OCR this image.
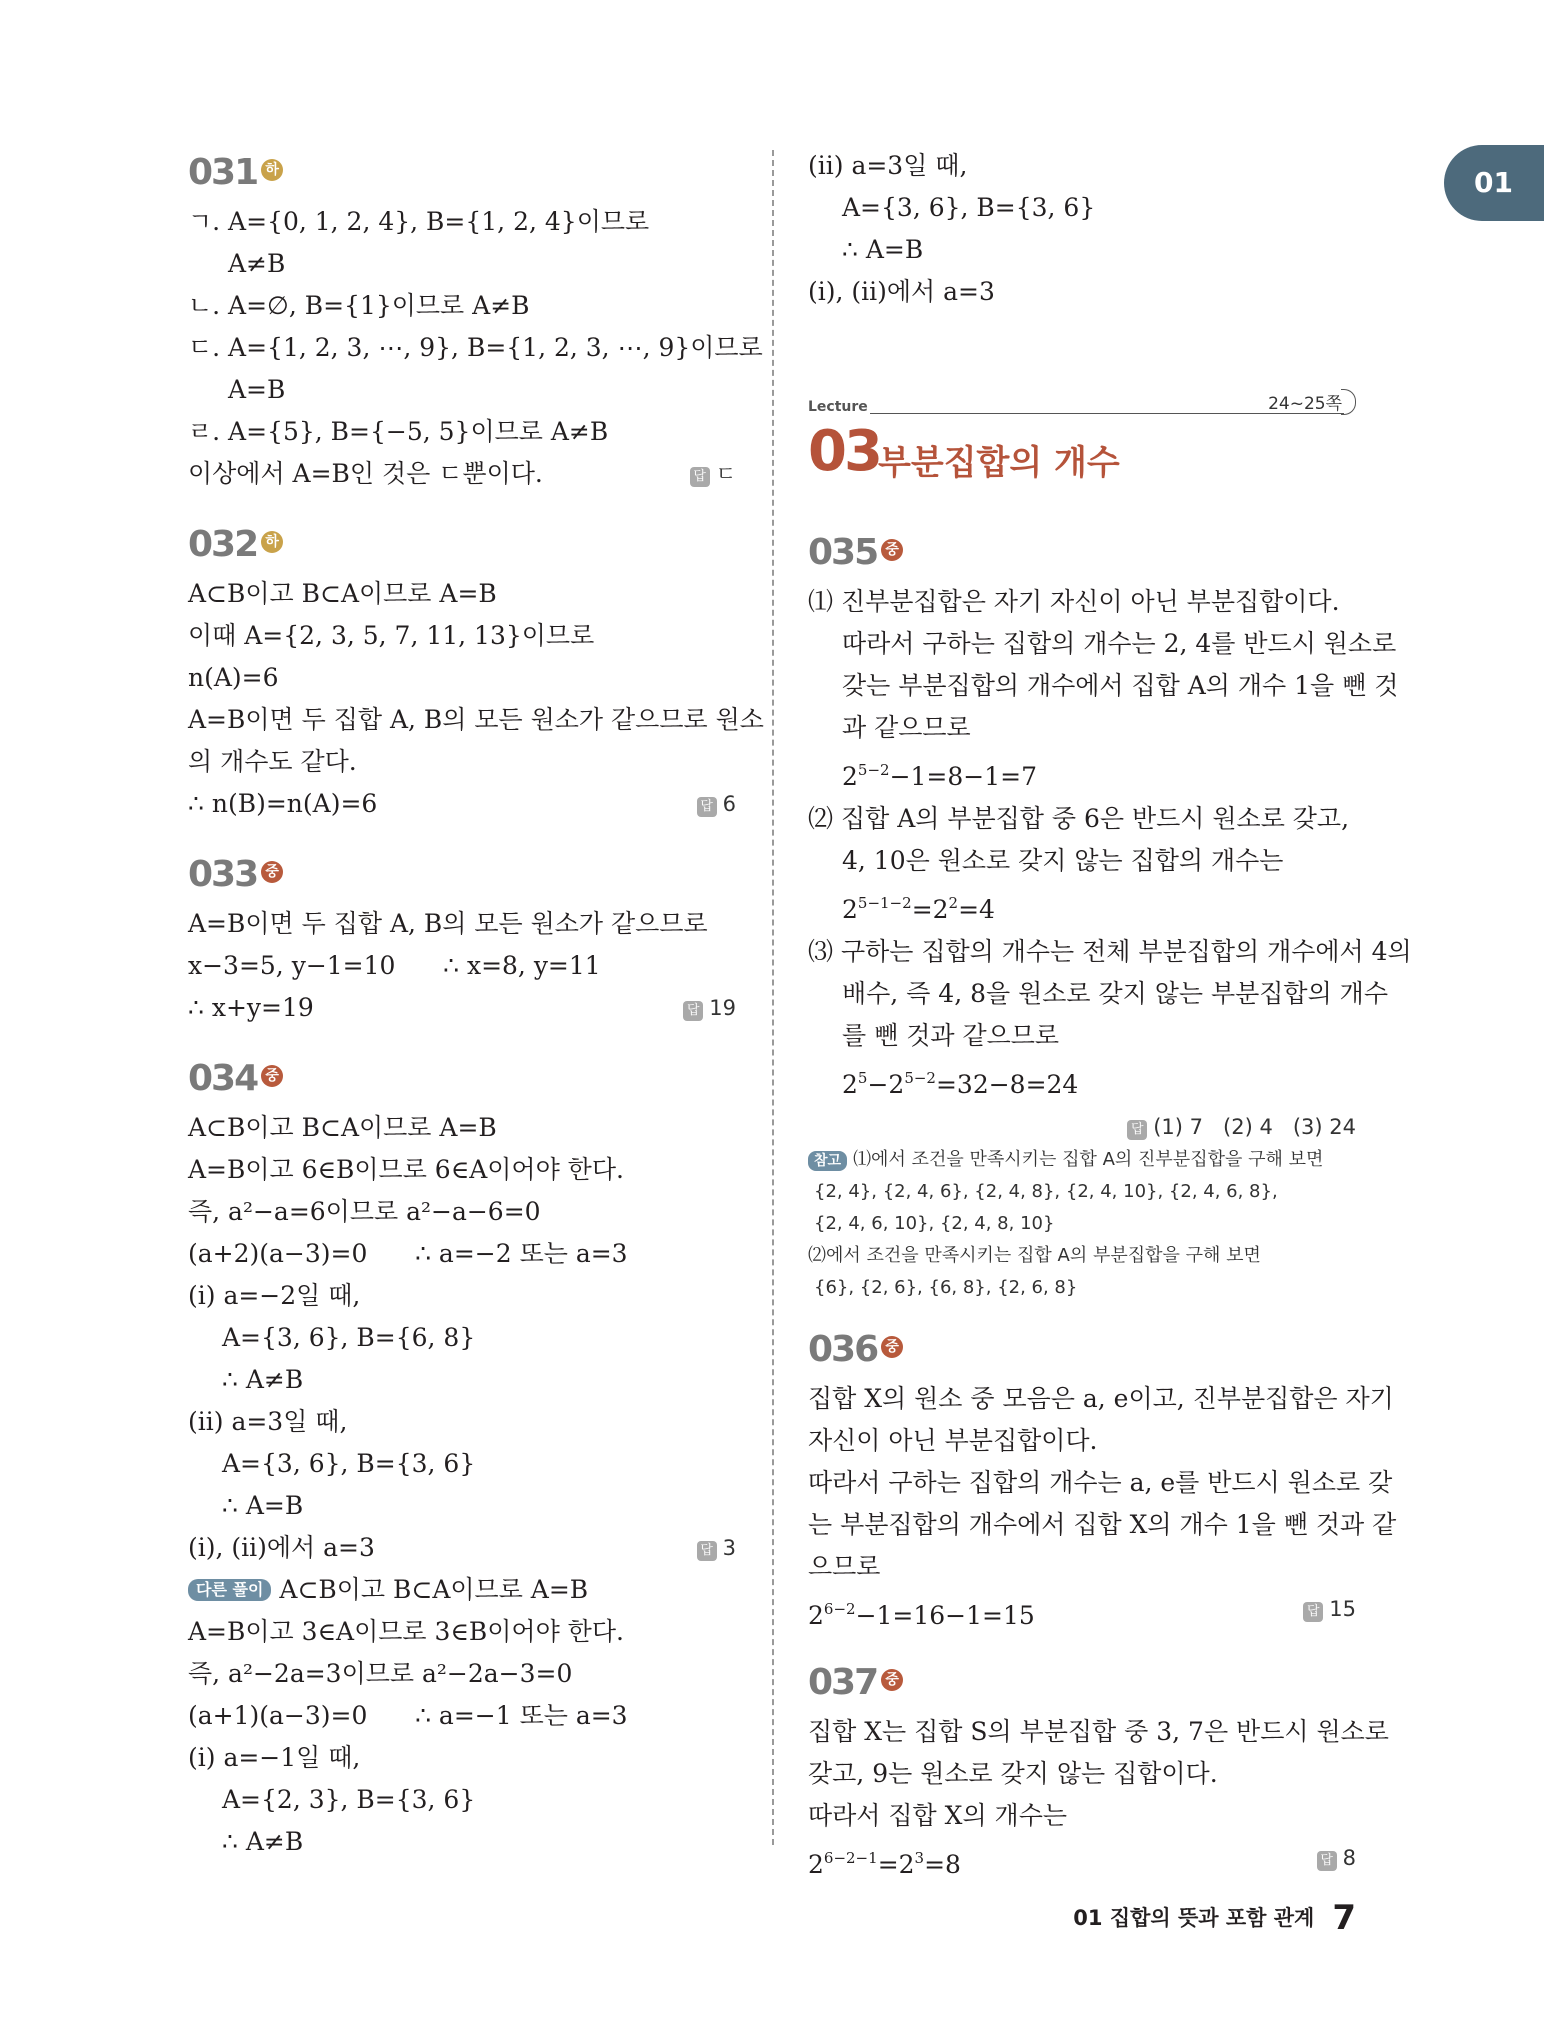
01
031 하
ㄱ. A={0, 1, 2, 4}, B={1, 2, 4}이므로
A≠B
ㄴ. A=∅, B={1}이므로 A≠B
ㄷ. A={1, 2, 3, ⋯, 9}, B={1, 2, 3, ⋯, 9}이므로
A=B
ㄹ. A={5}, B={−5, 5}이므로 A≠B
이상에서 A=B인 것은 ㄷ뿐이다.	답 ㄷ
032 하
A⊂B이고 B⊂A이므로 A=B
이때 A={2, 3, 5, 7, 11, 13}이므로
n(A)=6
A=B이면 두 집합 A, B의 모든 원소가 같으므로 원소
의 개수도 같다.
∴ n(B)=n(A)=6	답 6
033 중
A=B이면 두 집합 A, B의 모든 원소가 같으므로
x−3=5, y−1=10      ∴ x=8, y=11
∴ x+y=19	답 19
034 중
A⊂B이고 B⊂A이므로 A=B
A=B이고 6∈B이므로 6∈A이어야 한다.
즉, a²−a=6이므로 a²−a−6=0
(a+2)(a−3)=0      ∴ a=−2 또는 a=3
(ⅰ) a=−2일 때,
A={3, 6}, B={6, 8}
∴ A≠B
(ⅱ) a=3일 때,
A={3, 6}, B={3, 6}
∴ A=B
(ⅰ), (ⅱ)에서 a=3	답 3
다른 풀이 A⊂B이고 B⊂A이므로 A=B
A=B이고 3∈A이므로 3∈B이어야 한다.
즉, a²−2a=3이므로 a²−2a−3=0
(a+1)(a−3)=0      ∴ a=−1 또는 a=3
(ⅰ) a=−1일 때,
A={2, 3}, B={3, 6}
∴ A≠B
(ⅱ) a=3일 때,
A={3, 6}, B={3, 6}
∴ A=B
(ⅰ), (ⅱ)에서 a=3
Lecture	24~25쪽
03
부분집합의 개수
035 중
⑴ 진부분집합은 자기 자신이 아닌 부분집합이다.
따라서 구하는 집합의 개수는 2, 4를 반드시 원소로
갖는 부분집합의 개수에서 집합 A의 개수 1을 뺀 것
과 같으므로
$2^{5-2}-1=8-1=7$
⑵ 집합 A의 부분집합 중 6은 반드시 원소로 갖고,
4, 10은 원소로 갖지 않는 집합의 개수는
$2^{5-1-2}=2^2=4$
⑶ 구하는 집합의 개수는 전체 부분집합의 개수에서 4의
배수, 즉 4, 8을 원소로 갖지 않는 부분집합의 개수
를 뺀 것과 같으므로
$2^5-2^{5-2}=32-8=24$
답 (1) 7   (2) 4   (3) 24
참고 ⑴에서 조건을 만족시키는 집합 A의 진부분집합을 구해 보면
{2, 4}, {2, 4, 6}, {2, 4, 8}, {2, 4, 10}, {2, 4, 6, 8},
{2, 4, 6, 10}, {2, 4, 8, 10}
⑵에서 조건을 만족시키는 집합 A의 부분집합을 구해 보면
{6}, {2, 6}, {6, 8}, {2, 6, 8}
036 중
집합 X의 원소 중 모음은 a, e이고, 진부분집합은 자기
자신이 아닌 부분집합이다.
따라서 구하는 집합의 개수는 a, e를 반드시 원소로 갖
는 부분집합의 개수에서 집합 X의 개수 1을 뺀 것과 같
으므로
$2^{6-2}-1=16-1=15$	답 15
037 중
집합 X는 집합 S의 부분집합 중 3, 7은 반드시 원소로
갖고, 9는 원소로 갖지 않는 집합이다.
따라서 집합 X의 개수는
$2^{6-2-1}=2^3=8$	답 8
01 집합의 뜻과 포함 관계 7
